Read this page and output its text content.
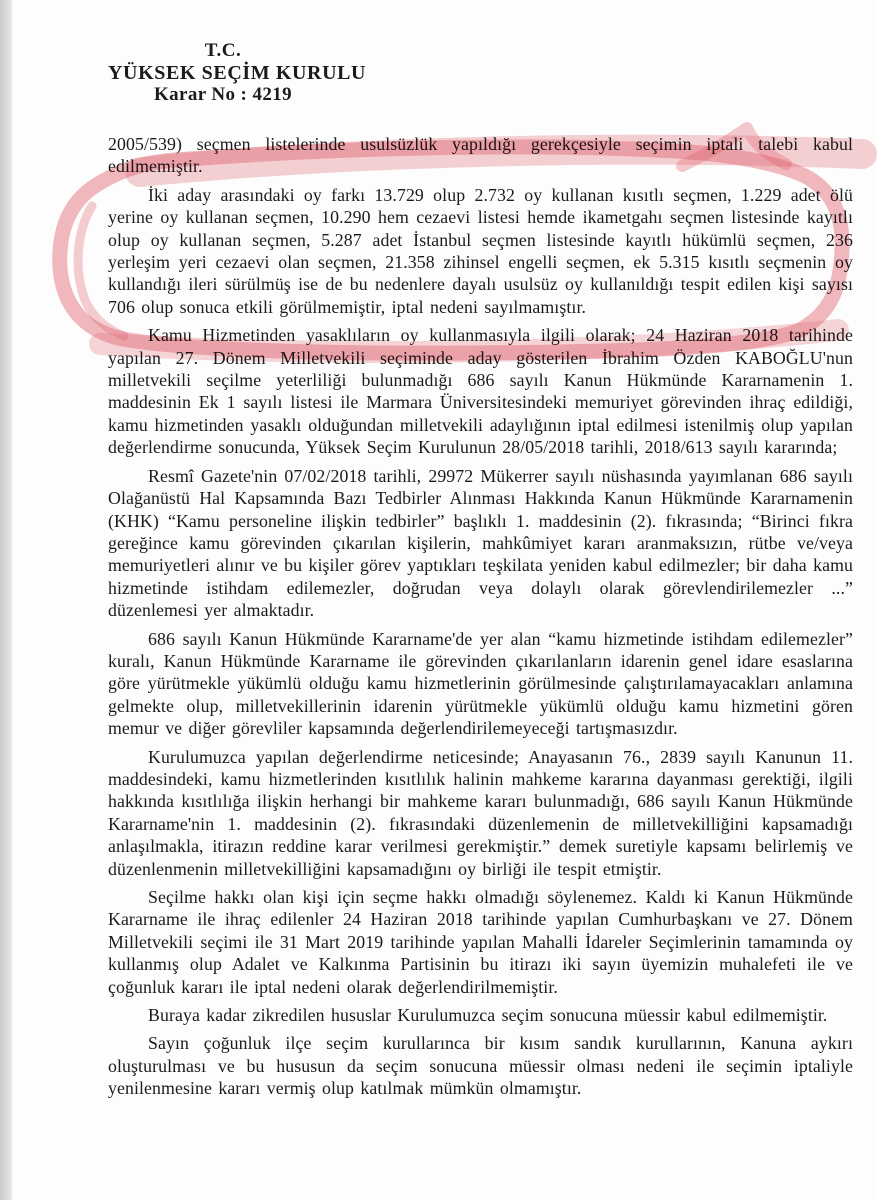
T.C.
YÜKSEK SEÇİM KURULU
Karar No : 4219

2005/539) seçmen listelerinde usulsüzlük yapıldığı gerekçesiyle seçimin iptali talebi kabul edilmemiştir.

İki aday arasındaki oy farkı 13.729 olup 2.732 oy kullanan kısıtlı seçmen, 1.229 adet ölü yerine oy kullanan seçmen, 10.290 hem cezaevi listesi hemde ikametgahı seçmen listesinde kayıtlı olup oy kullanan seçmen, 5.287 adet İstanbul seçmen listesinde kayıtlı hükümlü seçmen, 236 yerleşim yeri cezaevi olan seçmen, 21.358 zihinsel engelli seçmen, ek 5.315 kısıtlı seçmenin oy kullandığı ileri sürülmüş ise de bu nedenlere dayalı usulsüz oy kullanıldığı tespit edilen kişi sayısı 706 olup sonuca etkili görülmemiştir, iptal nedeni sayılmamıştır.

Kamu Hizmetinden yasaklıların oy kullanmasıyla ilgili olarak; 24 Haziran 2018 tarihinde yapılan 27. Dönem Milletvekili seçiminde aday gösterilen İbrahim Özden KABOĞLU'nun milletvekili seçilme yeterliliği bulunmadığı 686 sayılı Kanun Hükmünde Kararnamenin 1. maddesinin Ek 1 sayılı listesi ile Marmara Üniversitesindeki memuriyet görevinden ihraç edildiği, kamu hizmetinden yasaklı olduğundan milletvekili adaylığının iptal edilmesi istenilmiş olup yapılan değerlendirme sonucunda, Yüksek Seçim Kurulunun 28/05/2018 tarihli, 2018/613 sayılı kararında;

Resmî Gazete'nin 07/02/2018 tarihli, 29972 Mükerrer sayılı nüshasında yayımlanan 686 sayılı Olağanüstü Hal Kapsamında Bazı Tedbirler Alınması Hakkında Kanun Hükmünde Kararnamenin (KHK) “Kamu personeline ilişkin tedbirler” başlıklı 1. maddesinin (2). fıkrasında; “Birinci fıkra gereğince kamu görevinden çıkarılan kişilerin, mahkûmiyet kararı aranmaksızın, rütbe ve/veya memuriyetleri alınır ve bu kişiler görev yaptıkları teşkilata yeniden kabul edilmezler; bir daha kamu hizmetinde istihdam edilemezler, doğrudan veya dolaylı olarak görevlendirilemezler ...” düzenlemesi yer almaktadır.

686 sayılı Kanun Hükmünde Kararname'de yer alan “kamu hizmetinde istihdam edilemezler” kuralı, Kanun Hükmünde Kararname ile görevinden çıkarılanların idarenin genel idare esaslarına göre yürütmekle yükümlü olduğu kamu hizmetlerinin görülmesinde çalıştırılamayacakları anlamına gelmekte olup, milletvekillerinin idarenin yürütmekle yükümlü olduğu kamu hizmetini gören memur ve diğer görevliler kapsamında değerlendirilemeyeceği tartışmasızdır.

Kurulumuzca yapılan değerlendirme neticesinde; Anayasanın 76., 2839 sayılı Kanunun 11. maddesindeki, kamu hizmetlerinden kısıtlılık halinin mahkeme kararına dayanması gerektiği, ilgili hakkında kısıtlılığa ilişkin herhangi bir mahkeme kararı bulunmadığı, 686 sayılı Kanun Hükmünde Kararname'nin 1. maddesinin (2). fıkrasındaki düzenlemenin de milletvekilliğini kapsamadığı anlaşılmakla, itirazın reddine karar verilmesi gerekmiştir.” demek suretiyle kapsamı belirlemiş ve düzenlenmenin milletvekilliğini kapsamadığını oy birliği ile tespit etmiştir.

Seçilme hakkı olan kişi için seçme hakkı olmadığı söylenemez. Kaldı ki Kanun Hükmünde Kararname ile ihraç edilenler 24 Haziran 2018 tarihinde yapılan Cumhurbaşkanı ve 27. Dönem Milletvekili seçimi ile 31 Mart 2019 tarihinde yapılan Mahalli İdareler Seçimlerinin tamamında oy kullanmış olup Adalet ve Kalkınma Partisinin bu itirazı iki sayın üyemizin muhalefeti ile ve çoğunluk kararı ile iptal nedeni olarak değerlendirilmemiştir.

Buraya kadar zikredilen hususlar Kurulumuzca seçim sonucuna müessir kabul edilmemiştir.

Sayın çoğunluk ilçe seçim kurullarınca bir kısım sandık kurullarının, Kanuna aykırı oluşturulması ve bu hususun da seçim sonucuna müessir olması nedeni ile seçimin iptaliyle yenilenmesine kararı vermiş olup katılmak mümkün olmamıştır.
